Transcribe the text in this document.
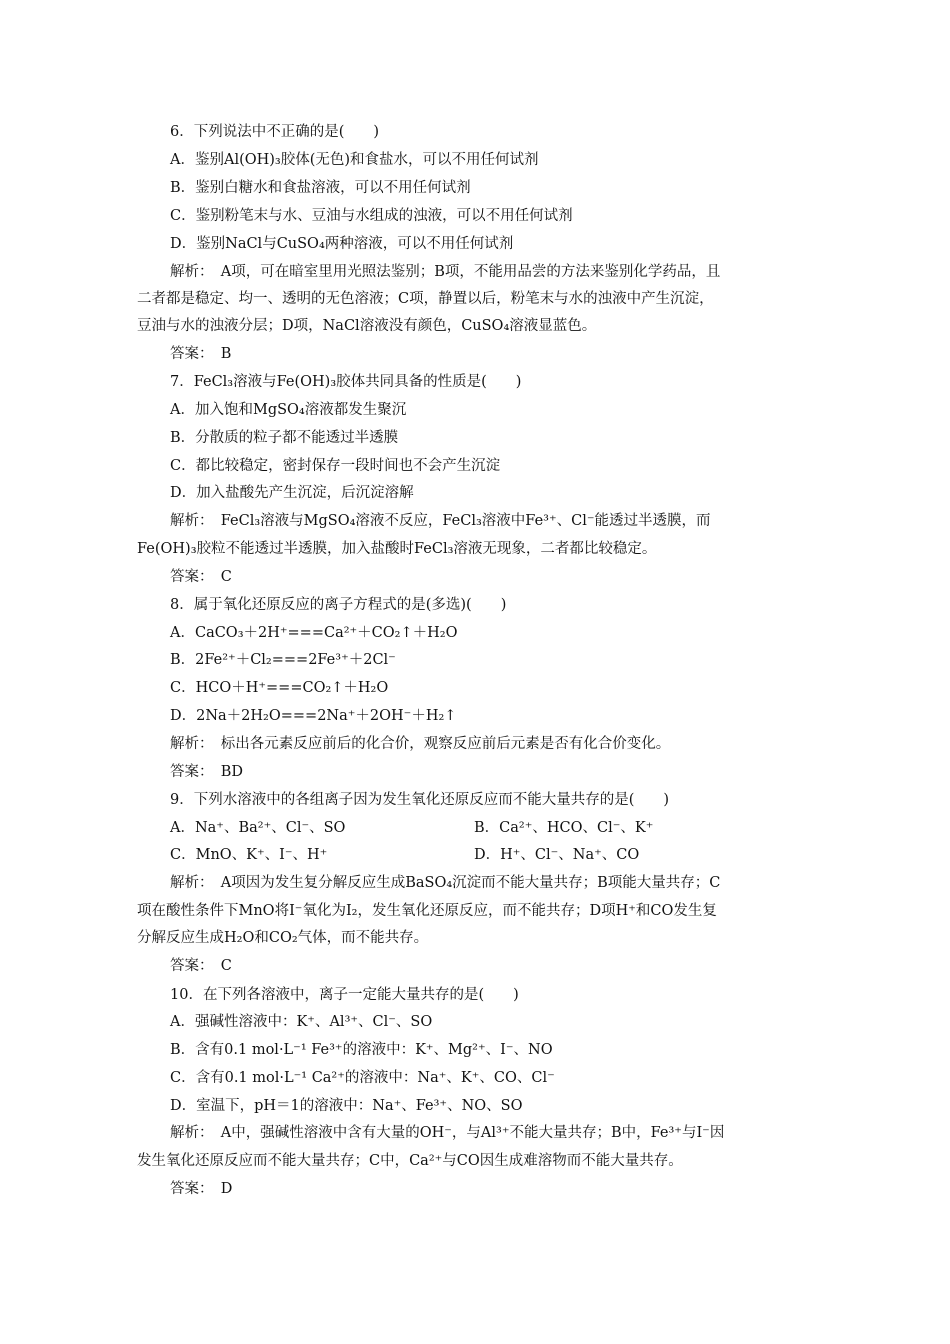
6．下列说法中不正确的是(　　)
A．鉴别Al(OH)₃胶体(无色)和食盐水，可以不用任何试剂
B．鉴别白糖水和食盐溶液，可以不用任何试剂
C．鉴别粉笔末与水、豆油与水组成的浊液，可以不用任何试剂
D．鉴别NaCl与CuSO₄两种溶液，可以不用任何试剂
解析：　A项，可在暗室里用光照法鉴别；B项，不能用品尝的方法来鉴别化学药品，且
二者都是稳定、均一、透明的无色溶液；C项，静置以后，粉笔末与水的浊液中产生沉淀，
豆油与水的浊液分层；D项，NaCl溶液没有颜色，CuSO₄溶液显蓝色。
答案：　B
7．FeCl₃溶液与Fe(OH)₃胶体共同具备的性质是(　　)
A．加入饱和MgSO₄溶液都发生聚沉
B．分散质的粒子都不能透过半透膜
C．都比较稳定，密封保存一段时间也不会产生沉淀
D．加入盐酸先产生沉淀，后沉淀溶解
解析：　FeCl₃溶液与MgSO₄溶液不反应，FeCl₃溶液中Fe³⁺、Cl⁻能透过半透膜，而
Fe(OH)₃胶粒不能透过半透膜，加入盐酸时FeCl₃溶液无现象，二者都比较稳定。
答案：　C
8．属于氧化还原反应的离子方程式的是(多选)(　　)
A．CaCO₃＋2H⁺===Ca²⁺＋CO₂↑＋H₂O
B．2Fe²⁺＋Cl₂===2Fe³⁺＋2Cl⁻
C．HCO＋H⁺===CO₂↑＋H₂O
D．2Na＋2H₂O===2Na⁺＋2OH⁻＋H₂↑
解析：　标出各元素反应前后的化合价，观察反应前后元素是否有化合价变化。
答案：　BD
9．下列水溶液中的各组离子因为发生氧化还原反应而不能大量共存的是(　　)
A．Na⁺、Ba²⁺、Cl⁻、SO	B．Ca²⁺、HCO、Cl⁻、K⁺
C．MnO、K⁺、I⁻、H⁺	D．H⁺、Cl⁻、Na⁺、CO
解析：　A项因为发生复分解反应生成BaSO₄沉淀而不能大量共存；B项能大量共存；C
项在酸性条件下MnO将I⁻氧化为I₂，发生氧化还原反应，而不能共存；D项H⁺和CO发生复
分解反应生成H₂O和CO₂气体，而不能共存。
答案：　C
10．在下列各溶液中，离子一定能大量共存的是(　　)
A．强碱性溶液中：K⁺、Al³⁺、Cl⁻、SO
B．含有0.1 mol·L⁻¹ Fe³⁺的溶液中：K⁺、Mg²⁺、I⁻、NO
C．含有0.1 mol·L⁻¹ Ca²⁺的溶液中：Na⁺、K⁺、CO、Cl⁻
D．室温下，pH＝1的溶液中：Na⁺、Fe³⁺、NO、SO
解析：　A中，强碱性溶液中含有大量的OH⁻，与Al³⁺不能大量共存；B中，Fe³⁺与I⁻因
发生氧化还原反应而不能大量共存；C中，Ca²⁺与CO因生成难溶物而不能大量共存。
答案：　D
